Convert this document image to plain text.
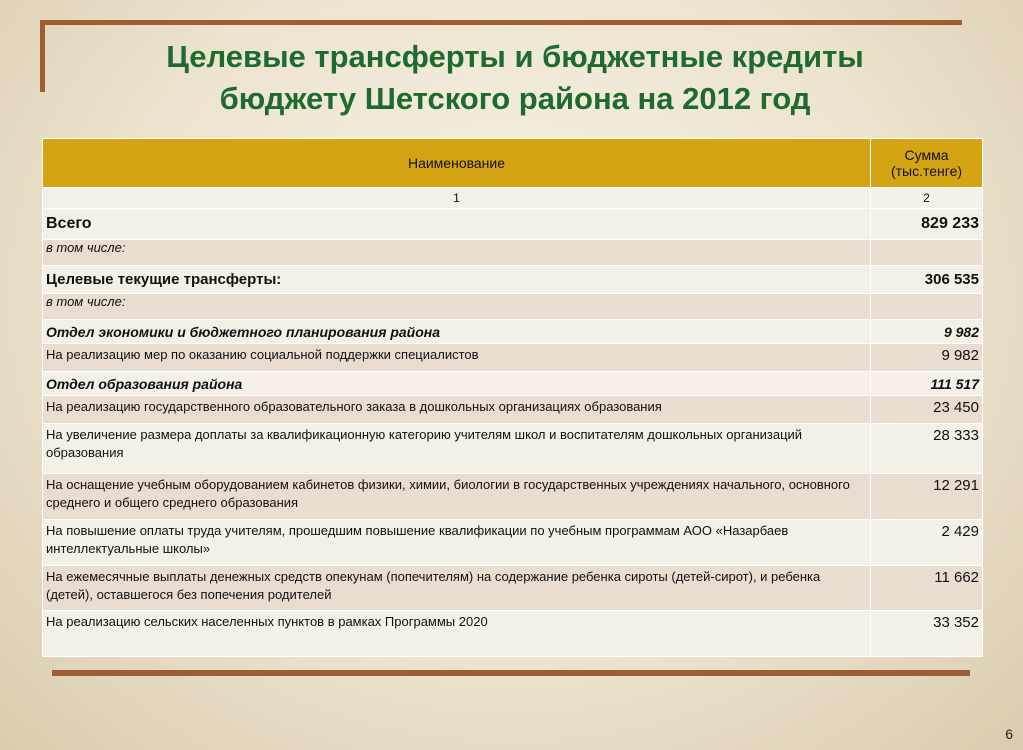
Целевые трансферты и бюджетные кредиты
бюджету Шетского района на 2012 год
Наименование	Сумма
(тыс.тенге)
1	2
Всего	829 233
в том числе:	
Целевые текущие трансферты:	306 535
в том числе:	
Отдел экономики и бюджетного планирования района	9 982
На реализацию мер по оказанию социальной поддержки специалистов	9 982
Отдел образования района	111 517
На реализацию государственного образовательного заказа в дошкольных организациях образования	23 450
На увеличение размера доплаты за квалификационную категорию учителям школ и воспитателям дошкольных организаций образования	28 333
На оснащение учебным оборудованием кабинетов физики, химии, биологии в государственных учреждениях начального, основного среднего и общего среднего образования	12 291
На повышение оплаты труда учителям, прошедшим повышение квалификации по учебным программам АОО «Назарбаев интеллектуальные школы»	2 429
На ежемесячные выплаты денежных средств опекунам (попечителям) на содержание ребенка сироты (детей-сирот), и ребенка (детей), оставшегося без попечения родителей	11 662
На реализацию сельских населенных пунктов в рамках Программы 2020	33 352
6
